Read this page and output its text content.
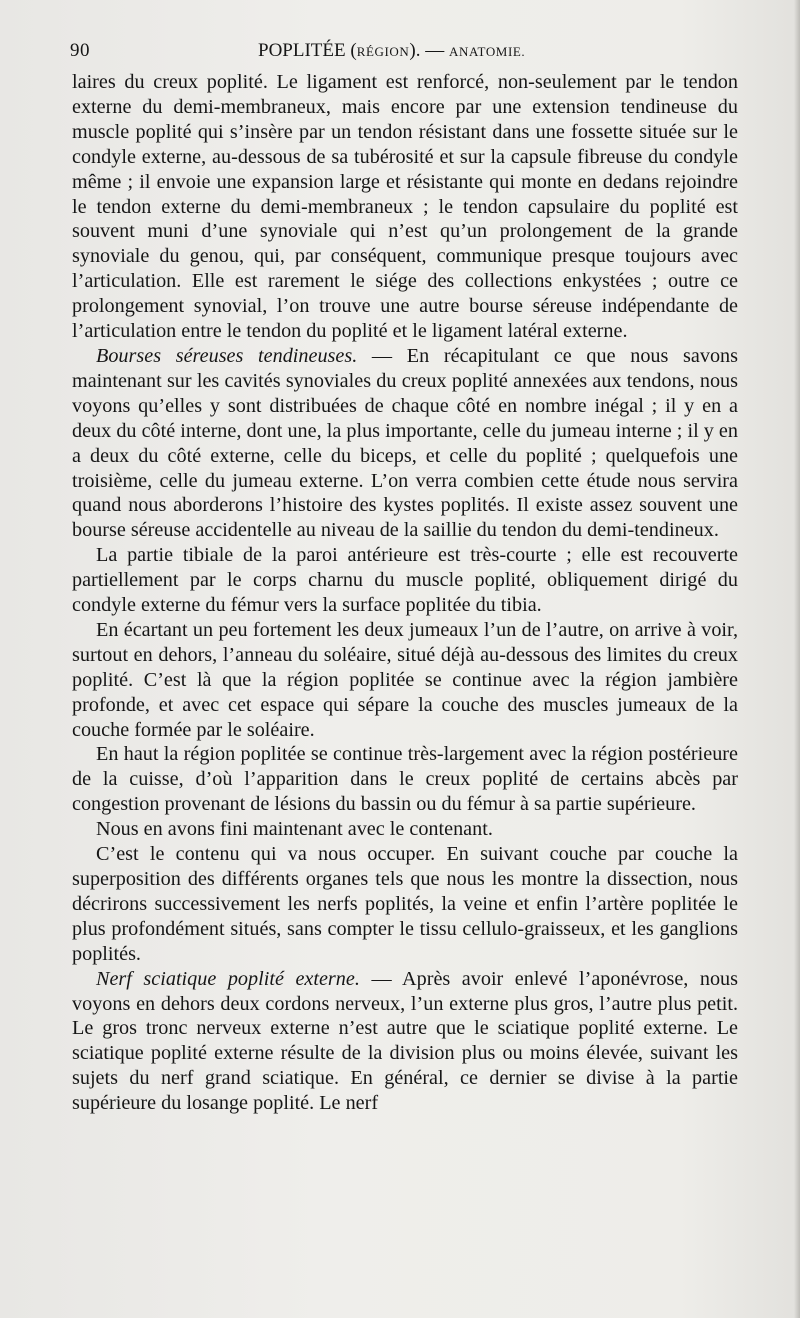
90	POPLITÉE (RÉGION). — ANATOMIE.

laires du creux poplité. Le ligament est renforcé, non-seulement par le tendon externe du demi-membraneux, mais encore par une extension tendineuse du muscle poplité qui s’insère par un tendon résistant dans une fossette située sur le condyle externe, au-dessous de sa tubérosité et sur la capsule fibreuse du condyle même ; il envoie une expansion large et résistante qui monte en dedans rejoindre le tendon externe du demi-membraneux ; le tendon capsulaire du poplité est souvent muni d’une synoviale qui n’est qu’un prolongement de la grande synoviale du genou, qui, par conséquent, communique presque toujours avec l’articulation. Elle est rarement le siége des collections enkystées ; outre ce prolongement synovial, l’on trouve une autre bourse séreuse indépendante de l’articulation entre le tendon du poplité et le ligament latéral externe.

Bourses séreuses tendineuses. — En récapitulant ce que nous savons maintenant sur les cavités synoviales du creux poplité annexées aux tendons, nous voyons qu’elles y sont distribuées de chaque côté en nombre inégal ; il y en a deux du côté interne, dont une, la plus importante, celle du jumeau interne ; il y en a deux du côté externe, celle du biceps, et celle du poplité ; quelquefois une troisième, celle du jumeau externe. L’on verra combien cette étude nous servira quand nous aborderons l’histoire des kystes poplités. Il existe assez souvent une bourse séreuse accidentelle au niveau de la saillie du tendon du demi-tendineux.

La partie tibiale de la paroi antérieure est très-courte ; elle est recouverte partiellement par le corps charnu du muscle poplité, obliquement dirigé du condyle externe du fémur vers la surface poplitée du tibia.

En écartant un peu fortement les deux jumeaux l’un de l’autre, on arrive à voir, surtout en dehors, l’anneau du soléaire, situé déjà au-dessous des limites du creux poplité. C’est là que la région poplitée se continue avec la région jambière profonde, et avec cet espace qui sépare la couche des muscles jumeaux de la couche formée par le soléaire.

En haut la région poplitée se continue très-largement avec la région postérieure de la cuisse, d’où l’apparition dans le creux poplité de certains abcès par congestion provenant de lésions du bassin ou du fémur à sa partie supérieure.

Nous en avons fini maintenant avec le contenant.

C’est le contenu qui va nous occuper. En suivant couche par couche la superposition des différents organes tels que nous les montre la dissection, nous décrirons successivement les nerfs poplités, la veine et enfin l’artère poplitée le plus profondément situés, sans compter le tissu cellulo-graisseux, et les ganglions poplités.

Nerf sciatique poplité externe. — Après avoir enlevé l’aponévrose, nous voyons en dehors deux cordons nerveux, l’un externe plus gros, l’autre plus petit. Le gros tronc nerveux externe n’est autre que le sciatique poplité externe. Le sciatique poplité externe résulte de la division plus ou moins élevée, suivant les sujets du nerf grand sciatique. En général, ce dernier se divise à la partie supérieure du losange poplité. Le nerf
